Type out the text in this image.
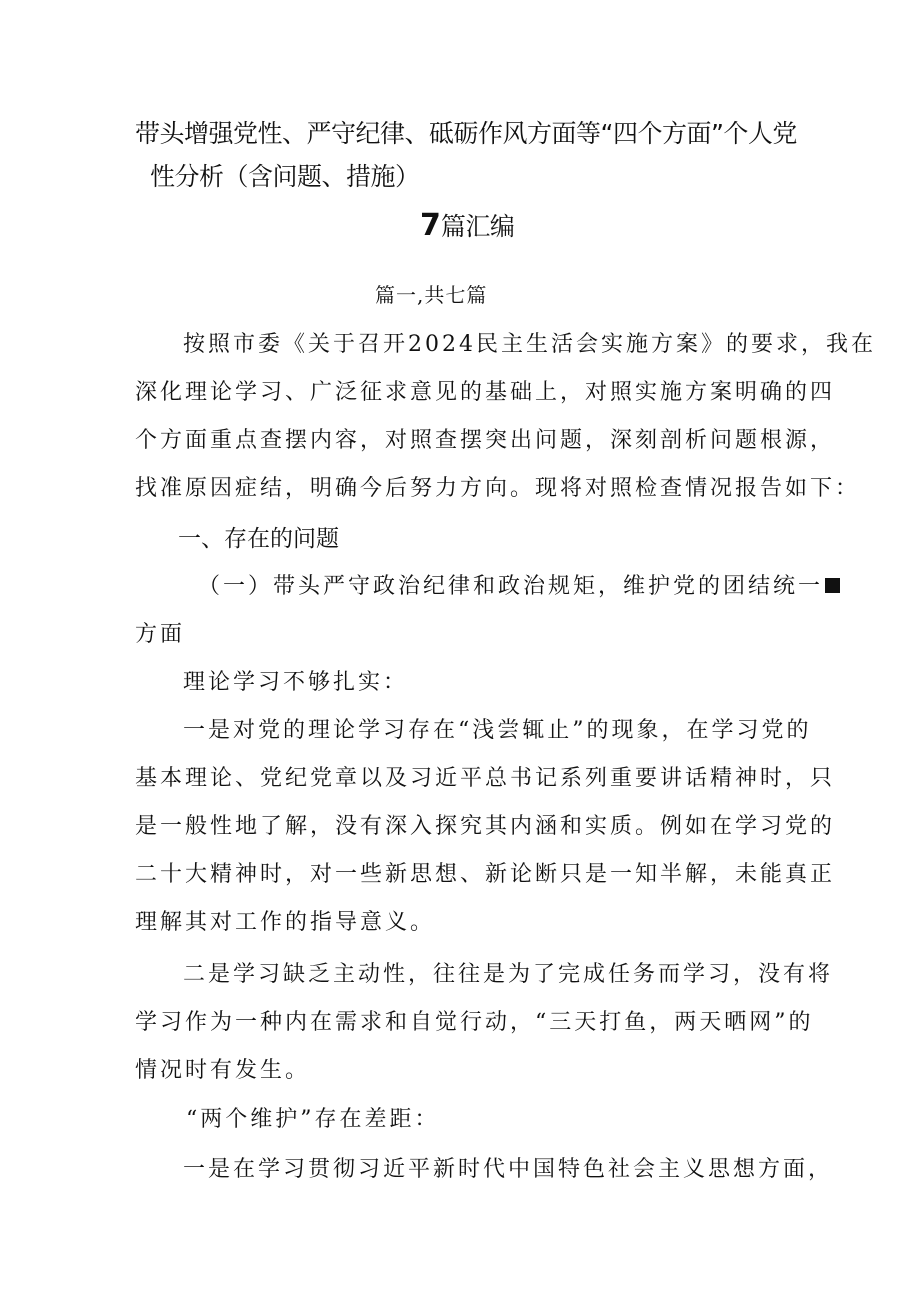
带头增强党性、严守纪律、砥砺作风方面等“四个方面”个人党
性分析（含问题、措施）
7篇汇编
篇一,共七篇
按照市委《关于召开2024民主生活会实施方案》的要求，我在
深化理论学习、广泛征求意见的基础上，对照实施方案明确的四
个方面重点查摆内容，对照查摆突出问题，深刻剖析问题根源，
找准原因症结，明确今后努力方向。现将对照检查情况报告如下：
一、存在的问题
（一）带头严守政治纪律和政治规矩，维护党的团结统一
方面
理论学习不够扎实：
一是对党的理论学习存在“浅尝辄止”的现象，在学习党的
基本理论、党纪党章以及习近平总书记系列重要讲话精神时，只
是一般性地了解，没有深入探究其内涵和实质。例如在学习党的
二十大精神时，对一些新思想、新论断只是一知半解，未能真正
理解其对工作的指导意义。
二是学习缺乏主动性，往往是为了完成任务而学习，没有将
学习作为一种内在需求和自觉行动，“三天打鱼，两天晒网”的
情况时有发生。
“两个维护”存在差距：
一是在学习贯彻习近平新时代中国特色社会主义思想方面，
